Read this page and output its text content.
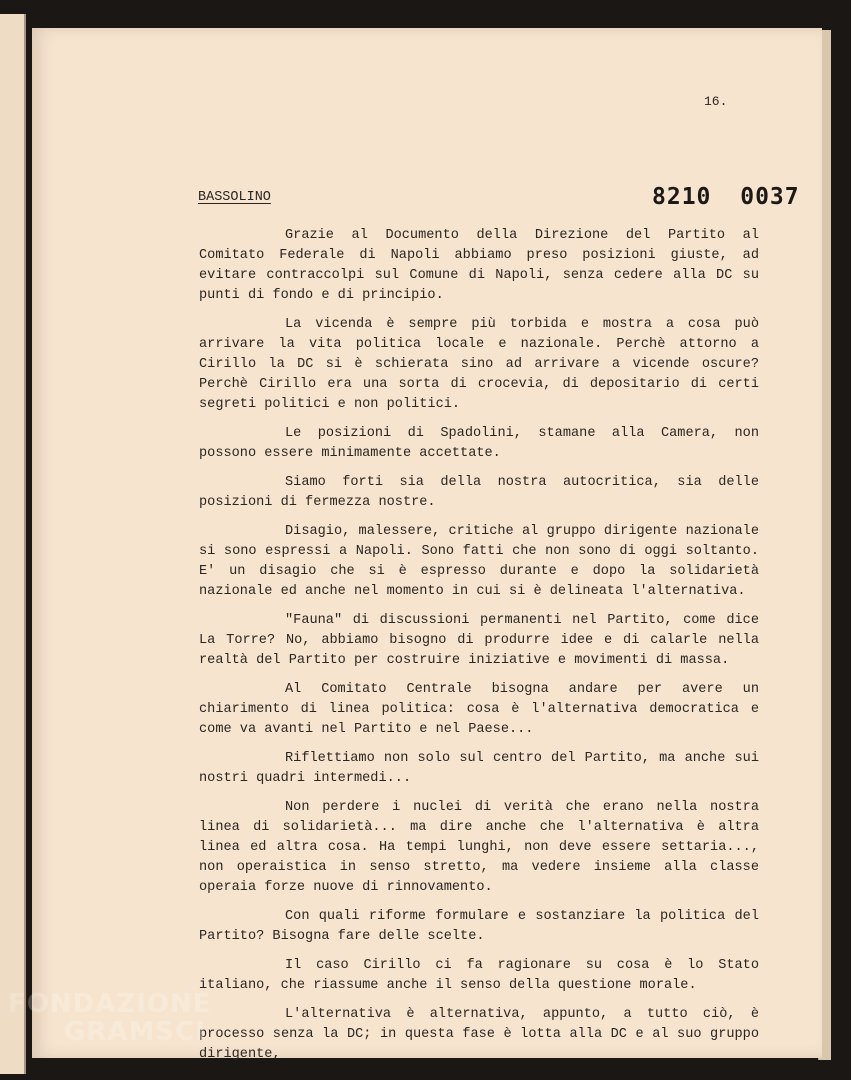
16.
8210 0037
BASSOLINO

Grazie al Documento della Direzione del Partito al Comitato Federale di Napoli abbiamo preso posizioni giuste, ad evitare contraccolpi sul Comune di Napoli, senza cedere alla DC su punti di fondo e di principio.

La vicenda è sempre più torbida e mostra a cosa può arrivare la vita politica locale e nazionale. Perchè attorno a Cirillo la DC si è schierata sino ad arrivare a vicende oscure? Perchè Cirillo era una sorta di crocevia, di depositario di certi segreti politici e non politici.

Le posizioni di Spadolini, stamane alla Camera, non possono essere minimamente accettate.

Siamo forti sia della nostra autocritica, sia delle posizioni di fermezza nostre.

Disagio, malessere, critiche al gruppo dirigente nazionale si sono espressi a Napoli. Sono fatti che non sono di oggi soltanto. E' un disagio che si è espresso durante e dopo la solidarietà nazionale ed anche nel momento in cui si è delineata l'alternativa.

"Fauna" di discussioni permanenti nel Partito, come dice La Torre? No, abbiamo bisogno di produrre idee e di calarle nella realtà del Partito per costruire iniziative e movimenti di massa.

Al Comitato Centrale bisogna andare per avere un chiarimento di linea politica: cosa è l'alternativa democratica e come va avanti nel Partito e nel Paese...

Riflettiamo non solo sul centro del Partito, ma anche sui nostri quadri intermedi...

Non perdere i nuclei di verità che erano nella nostra linea di solidarietà... ma dire anche che l'alternativa è altra linea ed altra cosa. Ha tempi lunghi, non deve essere settaria..., non operaistica in senso stretto, ma vedere insieme alla classe operaia forze nuove di rinnovamento.

Con quali riforme formulare e sostanziare la politica del Partito? Bisogna fare delle scelte.

Il caso Cirillo ci fa ragionare su cosa è lo Stato italiano, che riassume anche il senso della questione morale.

L'alternativa è alternativa, appunto, a tutto ciò, è processo senza la DC; in questa fase è lotta alla DC e al suo gruppo dirigente,

FONDAZIONE
GRAMSCI
